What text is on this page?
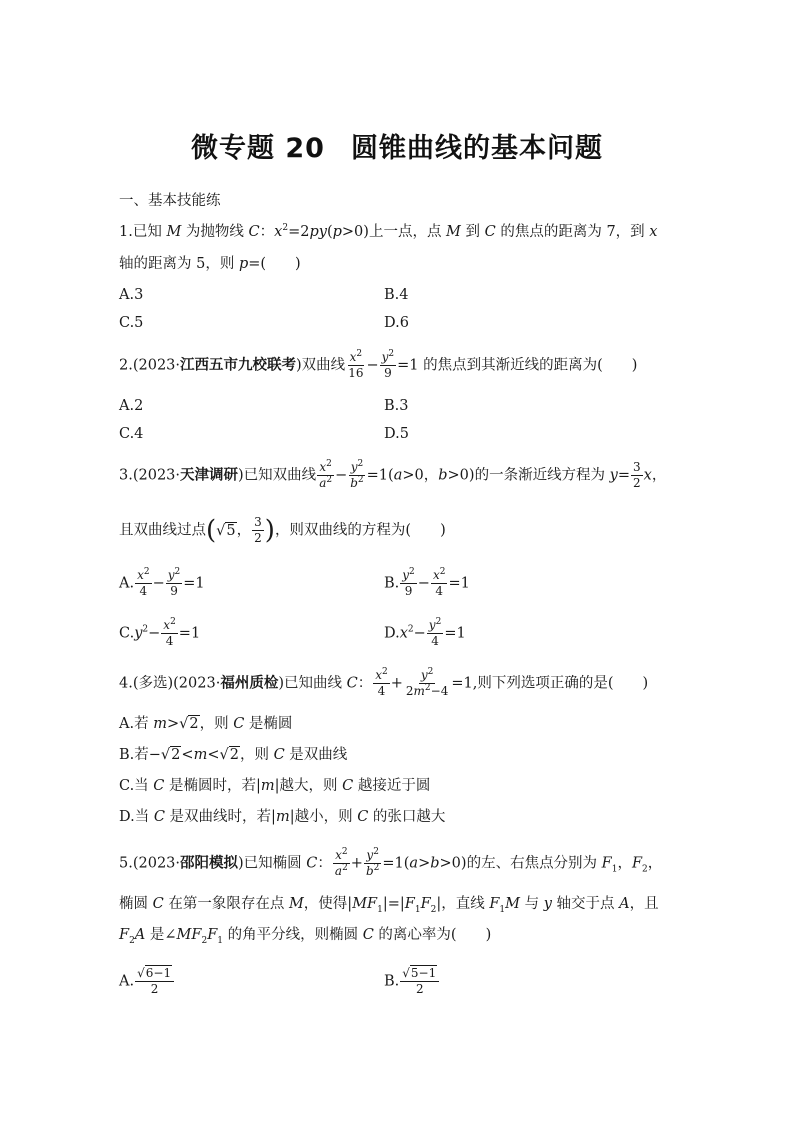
微专题 20 圆锥曲线的基本问题
一、基本技能练
1.已知 M 为抛物线 C：$x^2=2py(p>0)$上一点，点 M 到 C 的焦点的距离为 7，到 x
轴的距离为 5，则 p=(　　)
A.3	B.4
C.5	D.6
2.(2023·江西五市九校联考)双曲线 $\frac{x^2}{16} - \frac{y^2}{9} =1$ 的焦点到其渐近线的距离为(　　)
A.2	B.3
C.4	D.5
3.(2023·天津调研)已知双曲线 $\frac{x^2}{a^2} - \frac{y^2}{b^2} =1(a>0$，b>0)的一条渐近线方程为 $y= \frac{3}{2}$ x，
且双曲线过点(√5， $\frac{3}{2}$ )，则双曲线的方程为(　　)
A. $\frac{x^2}{4} - \frac{y^2}{9} =1$	B. $\frac{y^2}{9} - \frac{x^2}{4} =1$
$C.y^2- \frac{x^2}{4} =1$	$D.x^2- \frac{y^2}{4} =1$
4.(多选)(2023·福州质检)已知曲线 C： $\frac{x^2}{4} + \frac{y^2}{2m^2-4} =1$,则下列选项正确的是(　　)
A.若 m>√2，则 C 是椭圆
B.若−√2<m<√2，则 C 是双曲线
C.当 C 是椭圆时，若|m|越大，则 C 越接近于圆
D.当 C 是双曲线时，若|m|越小，则 C 的张口越大
5.(2023·邵阳模拟)已知椭圆 C： $\frac{x^2}{a^2} + \frac{y^2}{b^2} =1(a>b>0)$的左、右焦点分别为 $F_1$，$F_2$，
椭圆 C 在第一象限存在点 M，使得$|MF_1|=|F_1F_2|$，直线 $F_1M$ 与 y 轴交于点 A，且
$F_2A$ 是$\angle MF_2F_1$ 的角平分线，则椭圆 C 的离心率为(　　)
A. $\frac{√6-1}{2}$	B. $\frac{√5-1}{2}$
